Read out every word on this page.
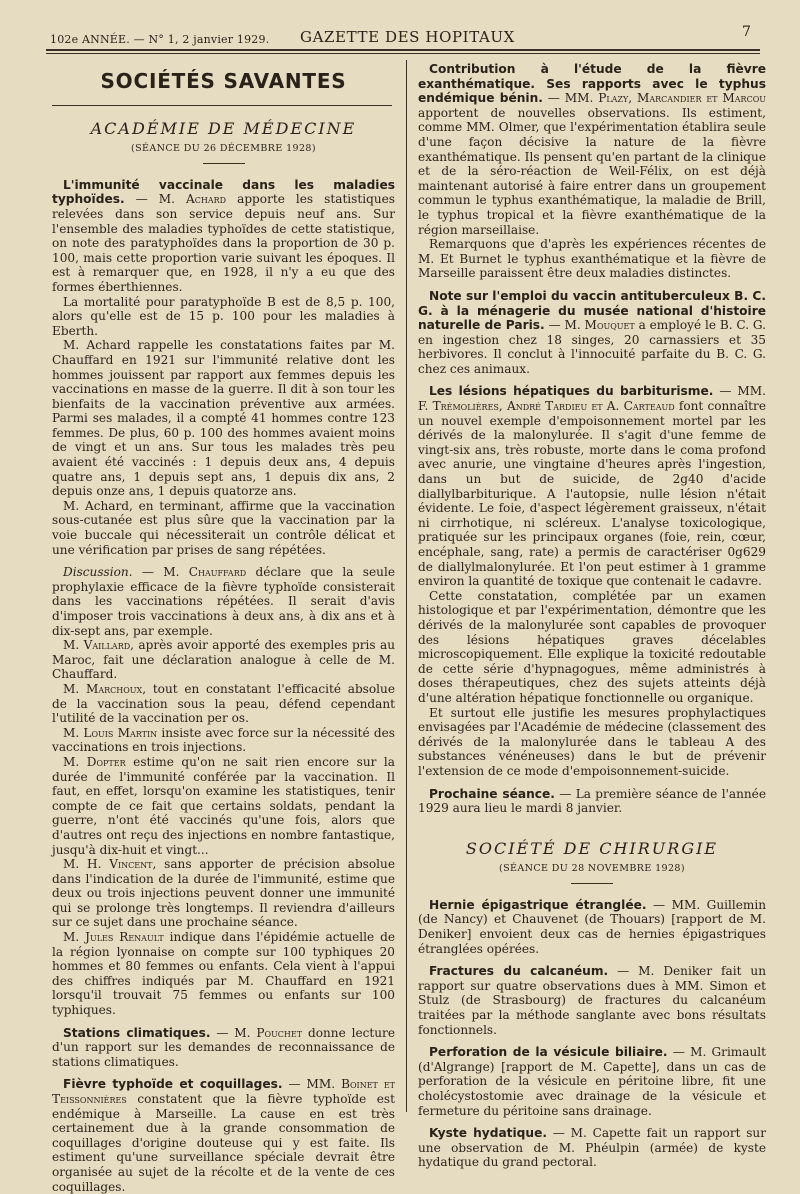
102e ANNÉE. — N° 1, 2 janvier 1929. GAZETTE DES HOPITAUX	7
SOCIÉTÉS SAVANTES
ACADÉMIE DE MÉDECINE
(SÉANCE DU 26 DÉCEMBRE 1928)

L'immunité vaccinale dans les maladies typhoïdes. — M. Achard apporte les statistiques relevées dans son service depuis neuf ans. Sur l'ensemble des maladies typhoïdes de cette statistique, on note des paratyphoïdes dans la proportion de 30 p. 100, mais cette proportion varie suivant les époques. Il est à remarquer que, en 1928, il n'y a eu que des formes éberthiennes.

La mortalité pour paratyphoïde B est de 8,5 p. 100, alors qu'elle est de 15 p. 100 pour les maladies à Eberth.

M. Achard rappelle les constatations faites par M. Chauffard en 1921 sur l'immunité relative dont les hommes jouissent par rapport aux femmes depuis les vaccinations en masse de la guerre. Il dit à son tour les bienfaits de la vaccination préventive aux armées. Parmi ses malades, il a compté 41 hommes contre 123 femmes. De plus, 60 p. 100 des hommes avaient moins de vingt et un ans. Sur tous les malades très peu avaient été vaccinés : 1 depuis deux ans, 4 depuis quatre ans, 1 depuis sept ans, 1 depuis dix ans, 2 depuis onze ans, 1 depuis quatorze ans.

M. Achard, en terminant, affirme que la vaccination sous-cutanée est plus sûre que la vaccination par la voie buccale qui nécessiterait un contrôle délicat et une vérification par prises de sang répétées.

Discussion. — M. Chauffard déclare que la seule prophylaxie efficace de la fièvre typhoïde consisterait dans les vaccinations répétées. Il serait d'avis d'imposer trois vaccinations à deux ans, à dix ans et à dix-sept ans, par exemple.

M. Vaillard, après avoir apporté des exemples pris au Maroc, fait une déclaration analogue à celle de M. Chauffard.

M. Marchoux, tout en constatant l'efficacité absolue de la vaccination sous la peau, défend cependant l'utilité de la vaccination per os.

M. Louis Martin insiste avec force sur la nécessité des vaccinations en trois injections.

M. Dopter estime qu'on ne sait rien encore sur la durée de l'immunité conférée par la vaccination. Il faut, en effet, lorsqu'on examine les statistiques, tenir compte de ce fait que certains soldats, pendant la guerre, n'ont été vaccinés qu'une fois, alors que d'autres ont reçu des injections en nombre fantastique, jusqu'à dix-huit et vingt...

M. H. Vincent, sans apporter de précision absolue dans l'indication de la durée de l'immunité, estime que deux ou trois injections peuvent donner une immunité qui se prolonge très longtemps. Il reviendra d'ailleurs sur ce sujet dans une prochaine séance.

M. Jules Renault indique dans l'épidémie actuelle de la région lyonnaise on compte sur 100 typhiques 20 hommes et 80 femmes ou enfants. Cela vient à l'appui des chiffres indiqués par M. Chauffard en 1921 lorsqu'il trouvait 75 femmes ou enfants sur 100 typhiques.

Stations climatiques. — M. Pouchet donne lecture d'un rapport sur les demandes de reconnaissance de stations climatiques.

Fièvre typhoïde et coquillages. — MM. Boinet et Teissonnières constatent que la fièvre typhoïde est endémique à Marseille. La cause en est très certainement due à la grande consommation de coquillages d'origine douteuse qui y est faite. Ils estiment qu'une surveillance spéciale devrait être organisée au sujet de la récolte et de la vente de ces coquillages.

Contribution à l'étude de la fièvre exanthématique. Ses rapports avec le typhus endémique bénin. — MM. Plazy, Marcandier et Marcou apportent de nouvelles observations. Ils estiment, comme MM. Olmer, que l'expérimentation établira seule d'une façon décisive la nature de la fièvre exanthématique. Ils pensent qu'en partant de la clinique et de la séro-réaction de Weil-Félix, on est déjà maintenant autorisé à faire entrer dans un groupement commun le typhus exanthématique, la maladie de Brill, le typhus tropical et la fièvre exanthématique de la région marseillaise.

Remarquons que d'après les expériences récentes de M. Et Burnet le typhus exanthématique et la fièvre de Marseille paraissent être deux maladies distinctes.

Note sur l'emploi du vaccin antituberculeux B. C. G. à la ménagerie du musée national d'histoire naturelle de Paris. — M. Mouquet a employé le B. C. G. en ingestion chez 18 singes, 20 carnassiers et 35 herbivores. Il conclut à l'innocuité parfaite du B. C. G. chez ces animaux.

Les lésions hépatiques du barbiturisme. — MM. F. Trémolières, André Tardieu et A. Carteaud font connaître un nouvel exemple d'empoisonnement mortel par les dérivés de la malonylurée. Il s'agit d'une femme de vingt-six ans, très robuste, morte dans le coma profond avec anurie, une vingtaine d'heures après l'ingestion, dans un but de suicide, de 2g40 d'acide diallylbarbiturique. A l'autopsie, nulle lésion n'était évidente. Le foie, d'aspect légèrement graisseux, n'était ni cirrhotique, ni scléreux. L'analyse toxicologique, pratiquée sur les principaux organes (foie, rein, cœur, encéphale, sang, rate) a permis de caractériser 0g629 de diallylmalonylurée. Et l'on peut estimer à 1 gramme environ la quantité de toxique que contenait le cadavre.

Cette constatation, complétée par un examen histologique et par l'expérimentation, démontre que les dérivés de la malonylurée sont capables de provoquer des lésions hépatiques graves décelables microscopiquement. Elle explique la toxicité redoutable de cette série d'hypnagogues, même administrés à doses thérapeutiques, chez des sujets atteints déjà d'une altération hépatique fonctionnelle ou organique.

Et surtout elle justifie les mesures prophylactiques envisagées par l'Académie de médecine (classement des dérivés de la malonylurée dans le tableau A des substances vénéneuses) dans le but de prévenir l'extension de ce mode d'empoisonnement-suicide.

Prochaine séance. — La première séance de l'année 1929 aura lieu le mardi 8 janvier.

SOCIÉTÉ DE CHIRURGIE
(SÉANCE DU 28 NOVEMBRE 1928)

Hernie épigastrique étranglée. — MM. Guillemin (de Nancy) et Chauvenet (de Thouars) [rapport de M. Deniker] envoient deux cas de hernies épigastriques étranglées opérées.

Fractures du calcanéum. — M. Deniker fait un rapport sur quatre observations dues à MM. Simon et Stulz (de Strasbourg) de fractures du calcanéum traitées par la méthode sanglante avec bons résultats fonctionnels.

Perforation de la vésicule biliaire. — M. Grimault (d'Algrange) [rapport de M. Capette], dans un cas de perforation de la vésicule en péritoine libre, fit une cholécystostomie avec drainage de la vésicule et fermeture du péritoine sans drainage.

Kyste hydatique. — M. Capette fait un rapport sur une observation de M. Phéulpin (armée) de kyste hydatique du grand pectoral.
